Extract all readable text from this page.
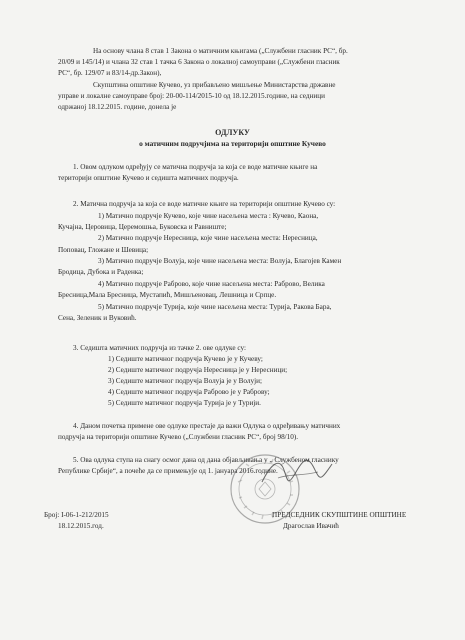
На основу члана 8 став 1 Закона о матичним књигама („Службени гласник РС“, бр.

20/09 и 145/14) и члана 32 став 1 тачка 6 Закона о локалној самоуправи („Службени гласник

РС“, бр. 129/07 и 83/14-др.Закон),

Скупштина општине Кучево, уз прибављено мишљење Министарства државне

управе и локалне самоуправе број: 20-00-114/2015-10 од 18.12.2015.године, на седници

одржаној 18.12.2015. године, донела је

ОДЛУКУ

о матичним подручјима на територији општине Кучево

1. Овом одлуком одређују се матична подручја за која се воде матичне књиге на

територији општине Кучево и седишта матичних подручја.

2. Матична подручја за која се воде матичне књиге на територији општине Кучево су:

1) Матично подручје Кучево, које чине насељена места : Кучево, Каона,

Кучајна, Церовица, Церемошња, Буковска и Равниште;

2) Матично подручје Нересница, које чине насељена места: Нересница,

Поповац, Гложане и Шевица;

3) Матично подручје Волуја, које чине насељена места: Волуја, Благојев Камен

Бродица, Дубока и Раденка;

4) Матично подручје Раброво, које чине насељена места: Раброво, Велика

Бресница,Мала Бресница, Мустапић, Мишљеновац, Лешница и Српце.

5) Матично подручје Турија, које чине насељена места: Турија, Ракова Бара,

Сена, Зеленик и Вуковић.

3. Седишта матичних подручја из тачке 2. ове одлуке су:

1) Седиште матичног подручја Кучево је у Кучеву;

2) Седиште матичног подручја Нересница је у Нересници;

3) Седиште матичног подручја Волуја је у Волуји;

4) Седиште матичног подручја Раброво је у Раброву;

5) Седиште матичног подручја Турија је у Турији.

4. Даном почетка примене ове одлуке престаје да важи Одлука о одређивању матичних

подручја на територији општине Кучево („Службени гласник РС“, број 98/10).

5. Ова одлука ступа на снагу осмог дана од дана објављивања у „ Службеном гласнику

Републике Србије“, а почеће да се примењује од 1. јануара 2016.године.

Број: I-06-1-212/2015

18.12.2015.год.

ПРЕДСЕДНИК СКУПШТИНЕ ОПШТИНЕ

Драгослав Ивачић
